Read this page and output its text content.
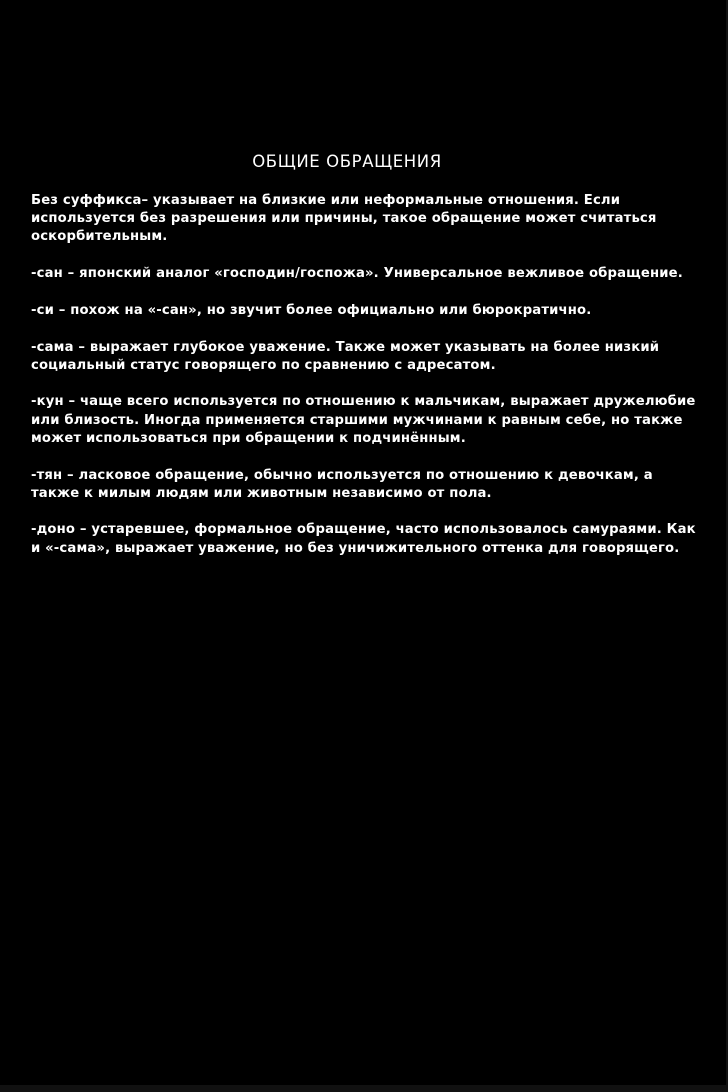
ОБЩИЕ ОБРАЩЕНИЯ

Без суффикса– указывает на близкие или неформальные отношения. Если
используется без разрешения или причины, такое обращение может считаться
оскорбительным.

-сан – японский аналог «господин/госпожа». Универсальное вежливое обращение.

-си – похож на «-сан», но звучит более официально или бюрократично.

-сама – выражает глубокое уважение. Также может указывать на более низкий
социальный статус говорящего по сравнению с адресатом.

-кун – чаще всего используется по отношению к мальчикам, выражает дружелюбие
или близость. Иногда применяется старшими мужчинами к равным себе, но также
может использоваться при обращении к подчинённым.

-тян – ласковое обращение, обычно используется по отношению к девочкам, а
также к милым людям или животным независимо от пола.

-доно – устаревшее, формальное обращение, часто использовалось самураями. Как
и «-сама», выражает уважение, но без уничижительного оттенка для говорящего.
